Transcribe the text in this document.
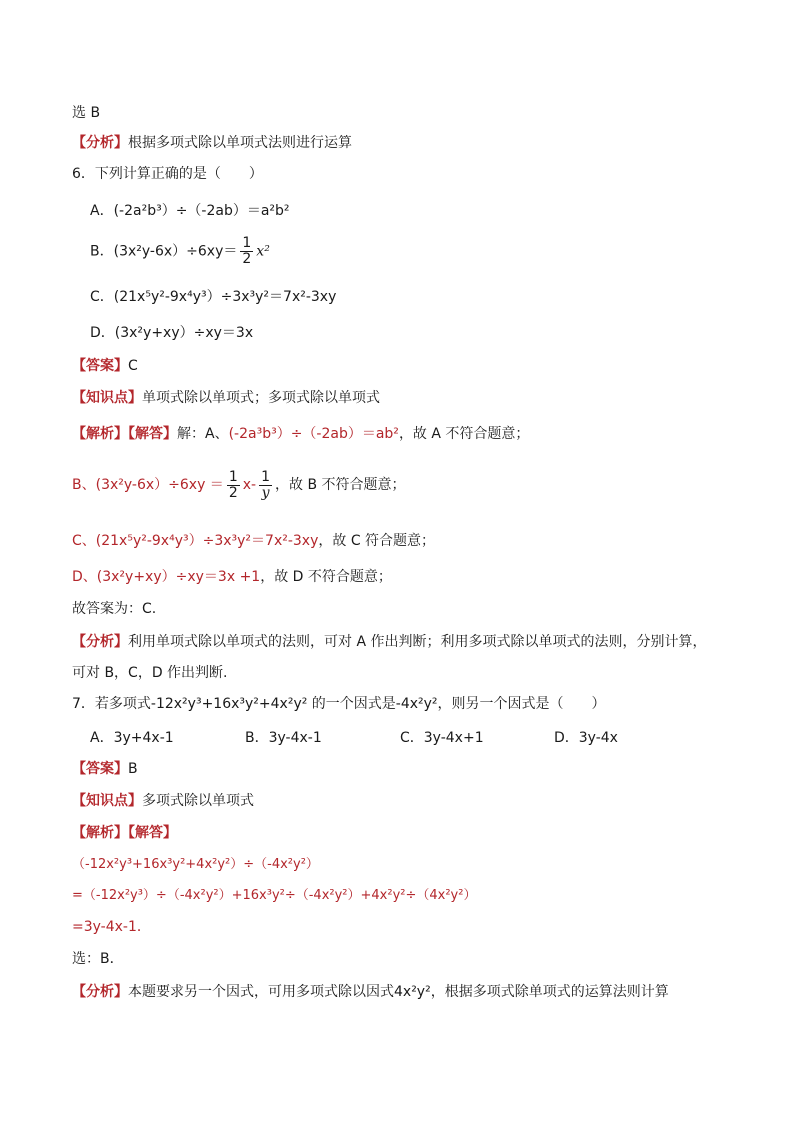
选 B
【分析】根据多项式除以单项式法则进行运算
6．下列计算正确的是（　　）
A．(-2a²b³）÷（-2ab）＝a²b²
B．$(3x^2y-6x)\div 6xy= \frac{1}{2} x^2$
C．(21x⁵y²-9x⁴y³）÷3x³y²＝7x²-3xy
D．(3x²y+xy）÷xy＝3x
【答案】C
【知识点】单项式除以单项式；多项式除以单项式
【解析】【解答】解：A、(-2a³b³）÷（-2ab）＝ab²，故 A 不符合题意；
B、$(3x^2y-6x)\div 6xy = \frac{1}{2} x- \frac{1}{y}$ ，故 B 不符合题意；
C、(21x⁵y²-9x⁴y³）÷3x³y²＝7x²-3xy，故 C 符合题意；
D、(3x²y+xy）÷xy＝3x +1，故 D 不符合题意；
故答案为：C.
【分析】利用单项式除以单项式的法则，可对 A 作出判断；利用多项式除以单项式的法则，分别计算，
可对 B，C，D 作出判断.
7．若多项式-12x²y³+16x³y²+4x²y² 的一个因式是-4x²y²，则另一个因式是（　　）
A．3y+4x-1	B．3y-4x-1	C．3y-4x+1	D．3y-4x
【答案】B
【知识点】多项式除以单项式
【解析】【解答】
（-12x²y³+16x³y²+4x²y²）÷（-4x²y²）
=（-12x²y³）÷（-4x²y²）+16x³y²÷（-4x²y²）+4x²y²÷（4x²y²）
=3y-4x-1．
选：B．
【分析】本题要求另一个因式，可用多项式除以因式4x²y²，根据多项式除单项式的运算法则计算
